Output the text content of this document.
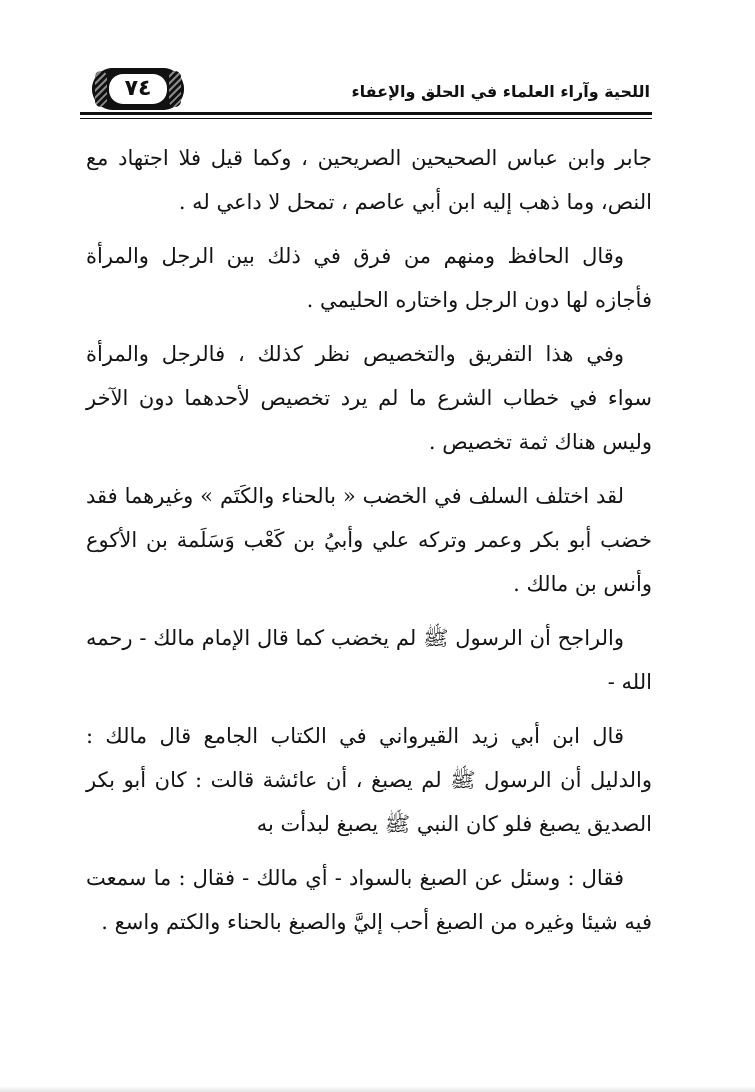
٧٤	اللحية وآراء العلماء في الحلق والإعفاء

جابر وابن عباس الصحيحين الصريحين ، وكما قيل فلا اجتهاد مع النص، وما ذهب إليه ابن أبي عاصم ، تمحل لا داعي له .

وقال الحافظ ومنهم من فرق في ذلك بين الرجل والمرأة فأجازه لها دون الرجل واختاره الحليمي .

وفي هذا التفريق والتخصيص نظر كذلك ، فالرجل والمرأة سواء في خطاب الشرع ما لم يرد تخصيص لأحدهما دون الآخر وليس هناك ثمة تخصيص .

لقد اختلف السلف في الخضب « بالحناء والكَتَم » وغيرهما فقد خضب أبو بكر وعمر وتركه علي وأبيُ بن كَعْب وَسَلَمة بن الأكوع وأنس بن مالك .

والراجح أن الرسول ﷺ لم يخضب كما قال الإمام مالك - رحمه الله -

قال ابن أبي زيد القيرواني في الكتاب الجامع قال مالك : والدليل أن الرسول ﷺ لم يصبغ ، أن عائشة قالت : كان أبو بكر الصديق يصبغ فلو كان النبي ﷺ يصبغ لبدأت به

فقال : وسئل عن الصبغ بالسواد - أي مالك - فقال : ما سمعت فيه شيئا وغيره من الصبغ أحب إليَّ والصبغ بالحناء والكتم واسع .
